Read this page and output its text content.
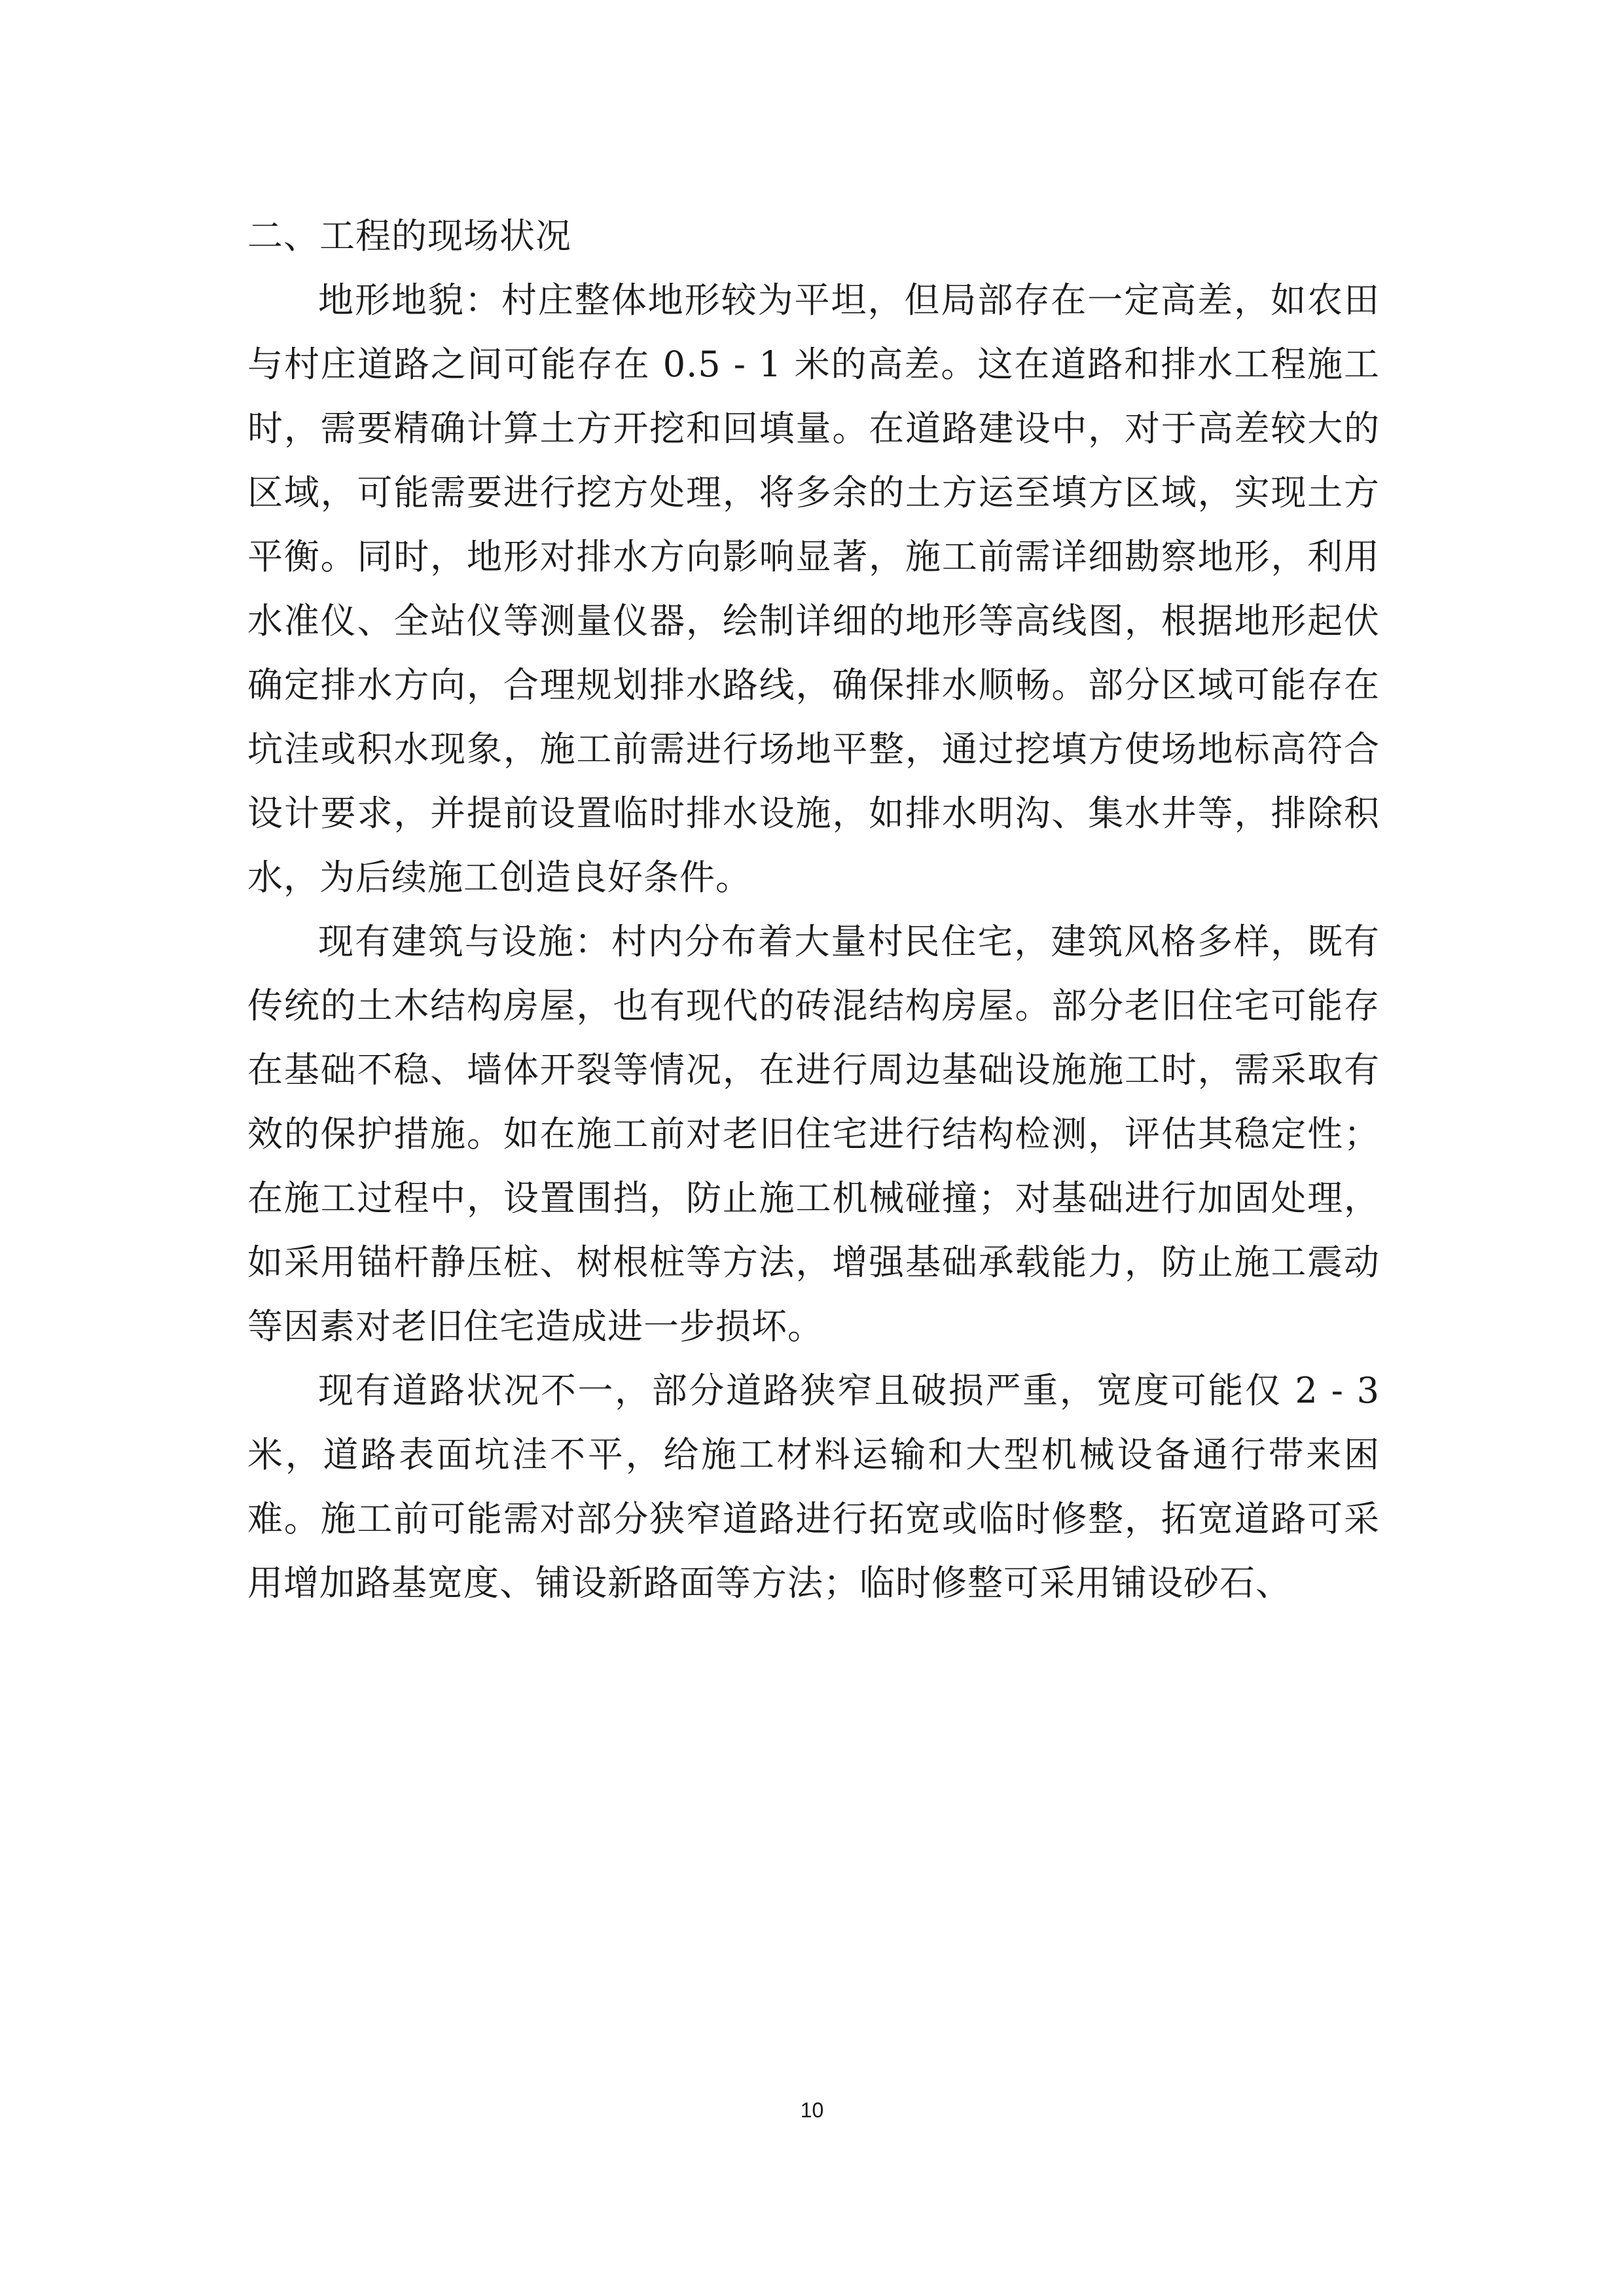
二、工程的现场状况

地形地貌：村庄整体地形较为平坦，但局部存在一定高差，如农田与村庄道路之间可能存在 0.5 - 1 米的高差。这在道路和排水工程施工时，需要精确计算土方开挖和回填量。在道路建设中，对于高差较大的区域，可能需要进行挖方处理，将多余的土方运至填方区域，实现土方平衡。同时，地形对排水方向影响显著，施工前需详细勘察地形，利用水准仪、全站仪等测量仪器，绘制详细的地形等高线图，根据地形起伏确定排水方向，合理规划排水路线，确保排水顺畅。部分区域可能存在坑洼或积水现象，施工前需进行场地平整，通过挖填方使场地标高符合设计要求，并提前设置临时排水设施，如排水明沟、集水井等，排除积水，为后续施工创造良好条件。

现有建筑与设施：村内分布着大量村民住宅，建筑风格多样，既有传统的土木结构房屋，也有现代的砖混结构房屋。部分老旧住宅可能存在基础不稳、墙体开裂等情况，在进行周边基础设施施工时，需采取有效的保护措施。如在施工前对老旧住宅进行结构检测，评估其稳定性；在施工过程中，设置围挡，防止施工机械碰撞；对基础进行加固处理，如采用锚杆静压桩、树根桩等方法，增强基础承载能力，防止施工震动等因素对老旧住宅造成进一步损坏。

现有道路状况不一，部分道路狭窄且破损严重，宽度可能仅 2 - 3 米，道路表面坑洼不平，给施工材料运输和大型机械设备通行带来困难。施工前可能需对部分狭窄道路进行拓宽或临时修整，拓宽道路可采用增加路基宽度、铺设新路面等方法；临时修整可采用铺设砂石、

10
